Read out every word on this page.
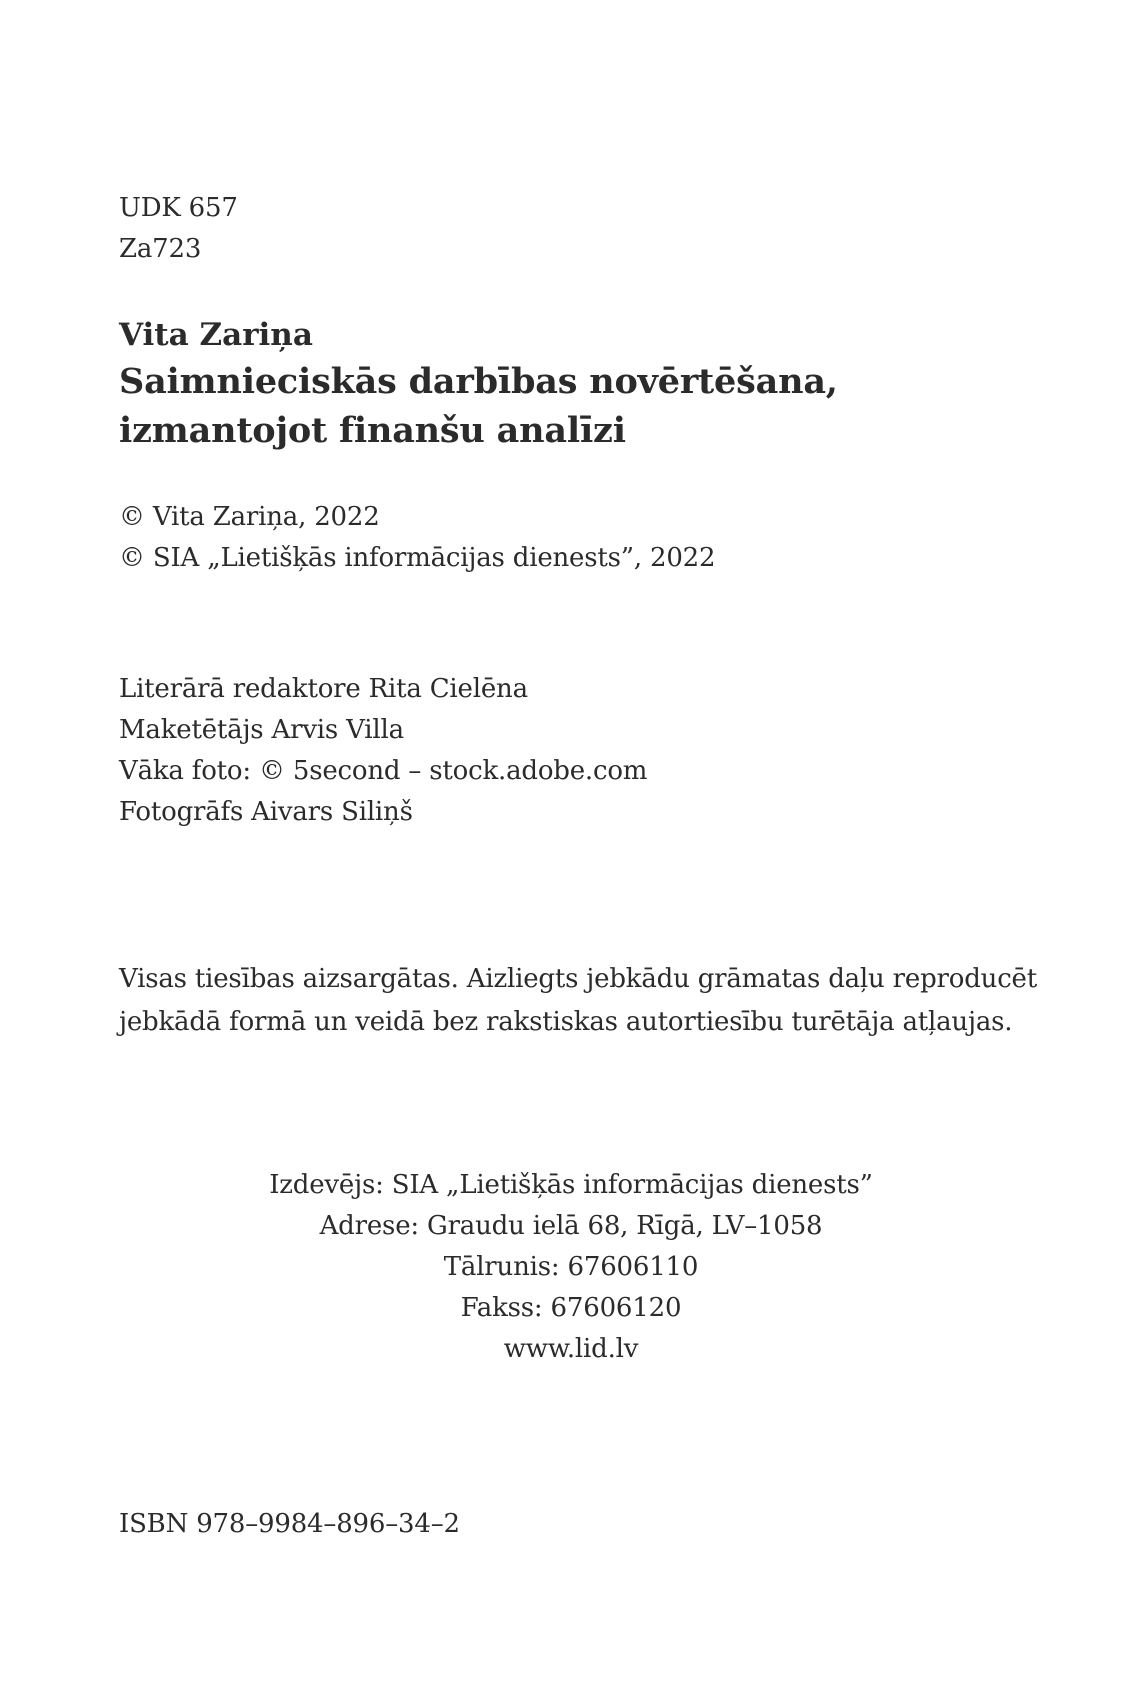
UDK 657
Za723
Vita Zariņa
Saimnieciskās darbības novērtēšana,
izmantojot finanšu analīzi
© Vita Zariņa, 2022
© SIA „Lietišķās informācijas dienests”, 2022
Literārā redaktore Rita Cielēna
Maketētājs Arvis Villa
Vāka foto: © 5second – stock.adobe.com
Fotogrāfs Aivars Siliņš
Visas tiesības aizsargātas. Aizliegts jebkādu grāmatas daļu reproducēt
jebkādā formā un veidā bez rakstiskas autortiesību turētāja atļaujas.
Izdevējs: SIA „Lietišķās informācijas dienests”
Adrese: Graudu ielā 68, Rīgā, LV–1058
Tālrunis: 67606110
Fakss: 67606120
www.lid.lv
ISBN 978–9984–896–34–2
